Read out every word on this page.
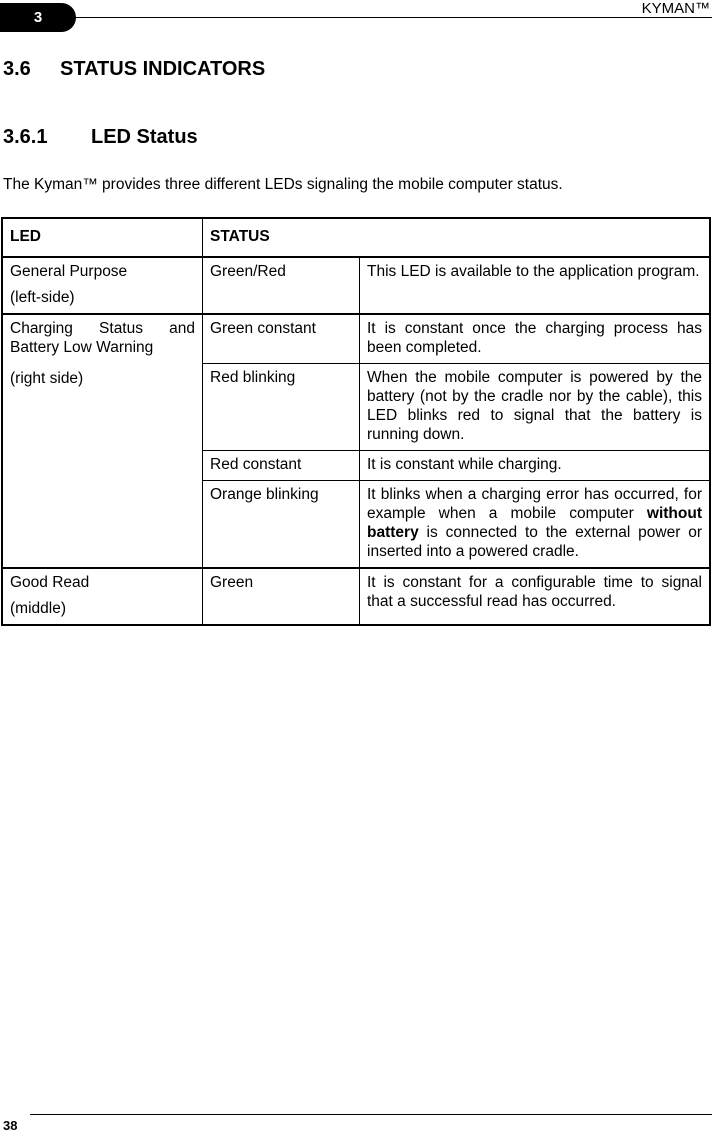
3
KYMAN™
3.6 STATUS INDICATORS
3.6.1 LED Status

The Kyman™ provides three different LEDs signaling the mobile computer status.

LED	STATUS	

General Purpose

(left-side)	Green/Red	This LED is available to the application program.

Charging Status and Battery Low Warning

(right side)	Green constant	It is constant once the charging process has been completed.
	Red blinking	When the mobile computer is powered by the battery (not by the cradle nor by the cable), this LED blinks red to signal that the battery is running down.
	Red constant	It is constant while charging.
	Orange blinking	It blinks when a charging error has occurred, for example when a mobile computer without battery is connected to the external power or inserted into a powered cradle.

Good Read

(middle)	Green	It is constant for a configurable time to signal that a successful read has occurred.
38
